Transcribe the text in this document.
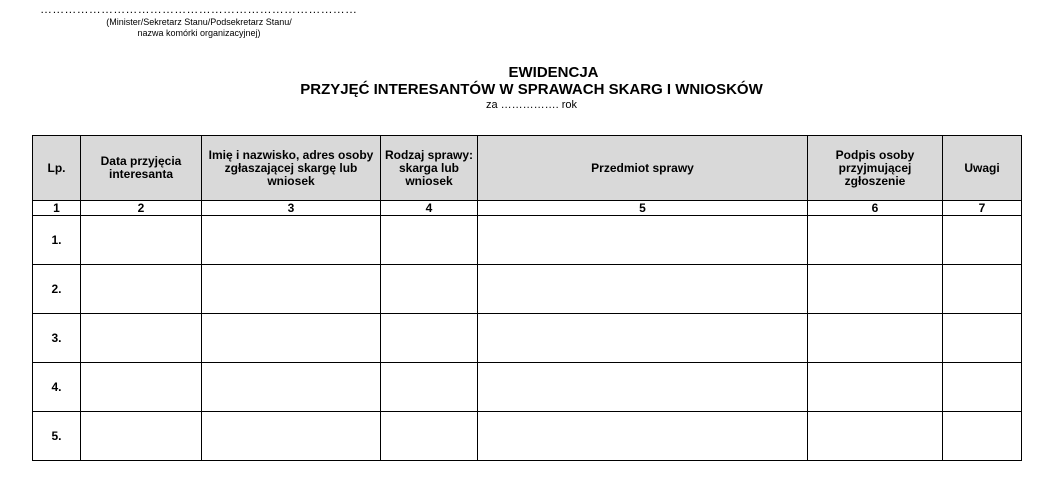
……………………………………………………………………
(Minister/Sekretarz Stanu/Podsekretarz Stanu/
nazwa komórki organizacyjnej)
EWIDENCJA
PRZYJĘĆ INTERESANTÓW W SPRAWACH SKARG I WNIOSKÓW
za ……………. rok
Lp.	Data przyjęcia interesanta	Imię i nazwisko, adres osoby zgłaszającej skargę lub wniosek	Rodzaj sprawy: skarga lub wniosek	Przedmiot sprawy	Podpis osoby przyjmującej zgłoszenie	Uwagi
1	2	3	4	5	6	7
1.						
2.						
3.						
4.						
5.						
